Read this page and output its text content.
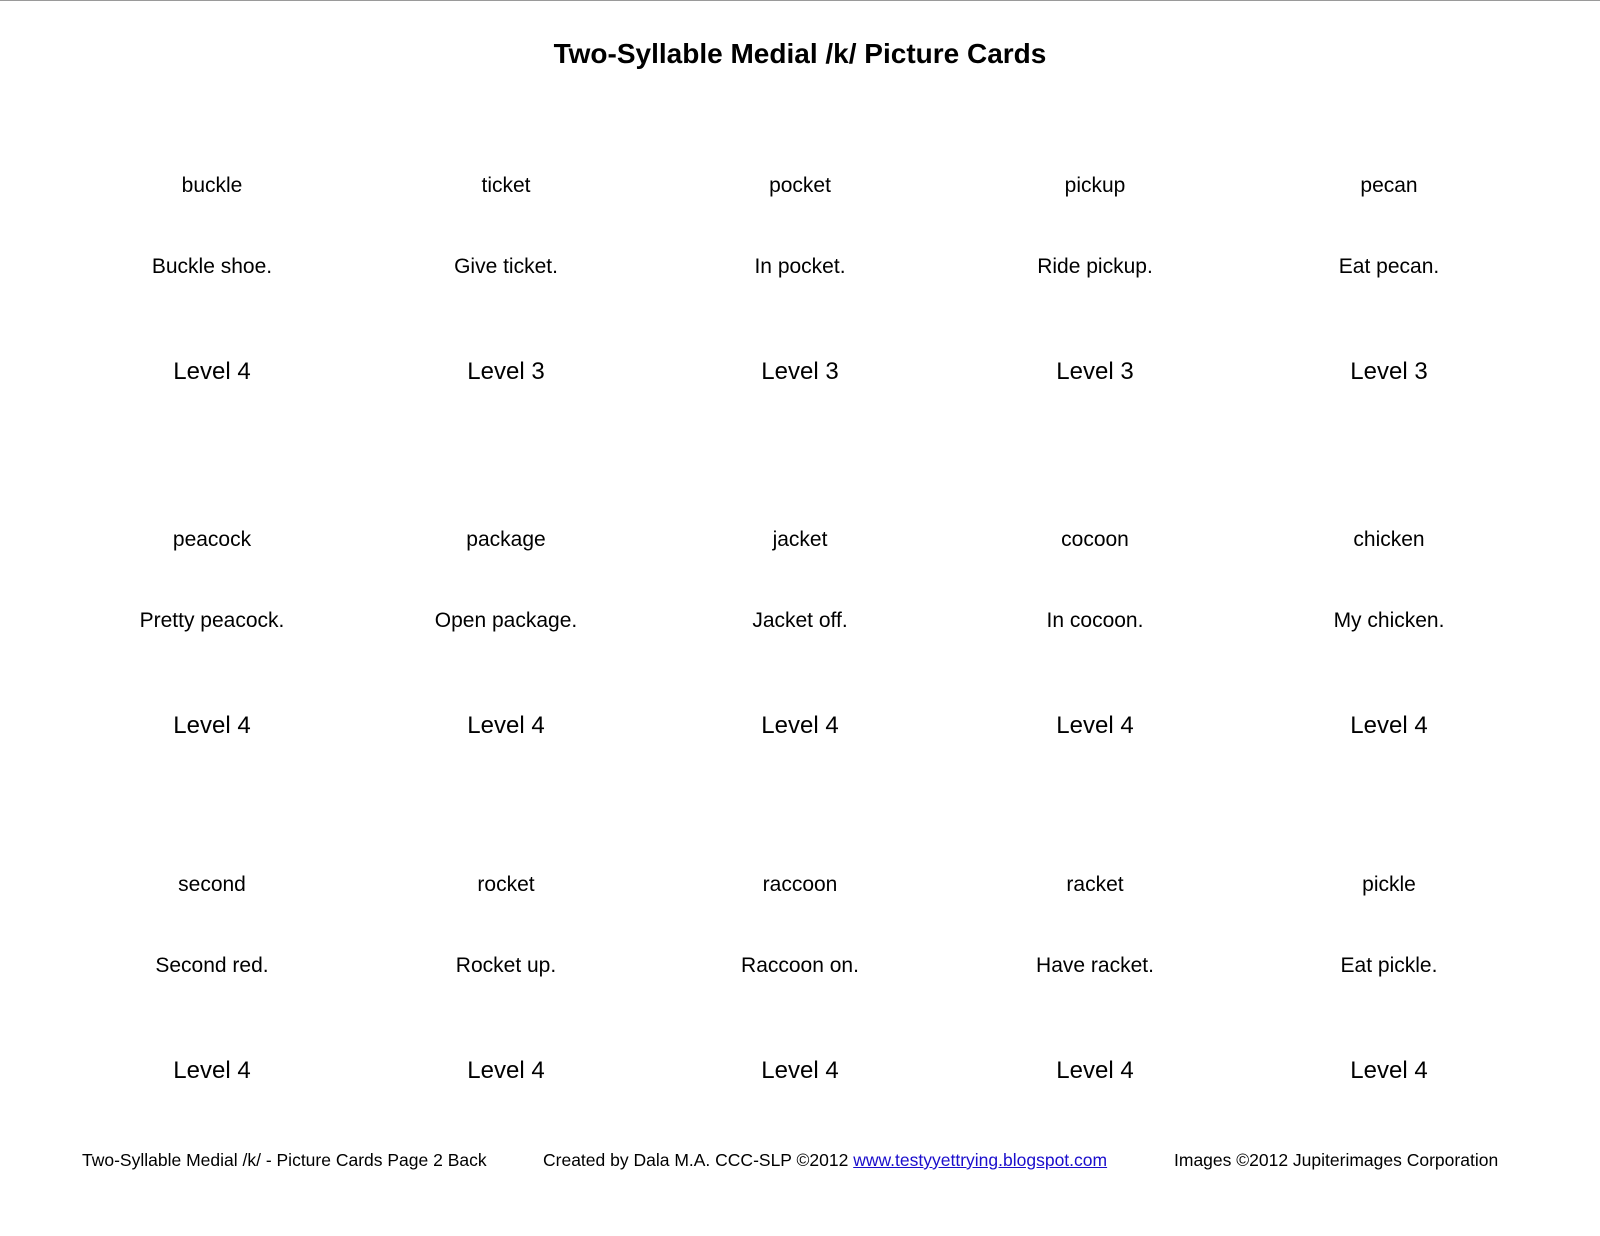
Two-Syllable Medial /k/ Picture Cards
buckle
Buckle shoe.
Level 4
ticket
Give ticket.
Level 3
pocket
In pocket.
Level 3
pickup
Ride pickup.
Level 3
pecan
Eat pecan.
Level 3
peacock
Pretty peacock.
Level 4
package
Open package.
Level 4
jacket
Jacket off.
Level 4
cocoon
In cocoon.
Level 4
chicken
My chicken.
Level 4
second
Second red.
Level 4
rocket
Rocket up.
Level 4
raccoon
Raccoon on.
Level 4
racket
Have racket.
Level 4
pickle
Eat pickle.
Level 4
Two-Syllable Medial /k/ - Picture Cards Page 2 Back	Created by Dala M.A. CCC-SLP ©2012 www.testyyettrying.blogspot.com	Images ©2012 Jupiterimages Corporation
